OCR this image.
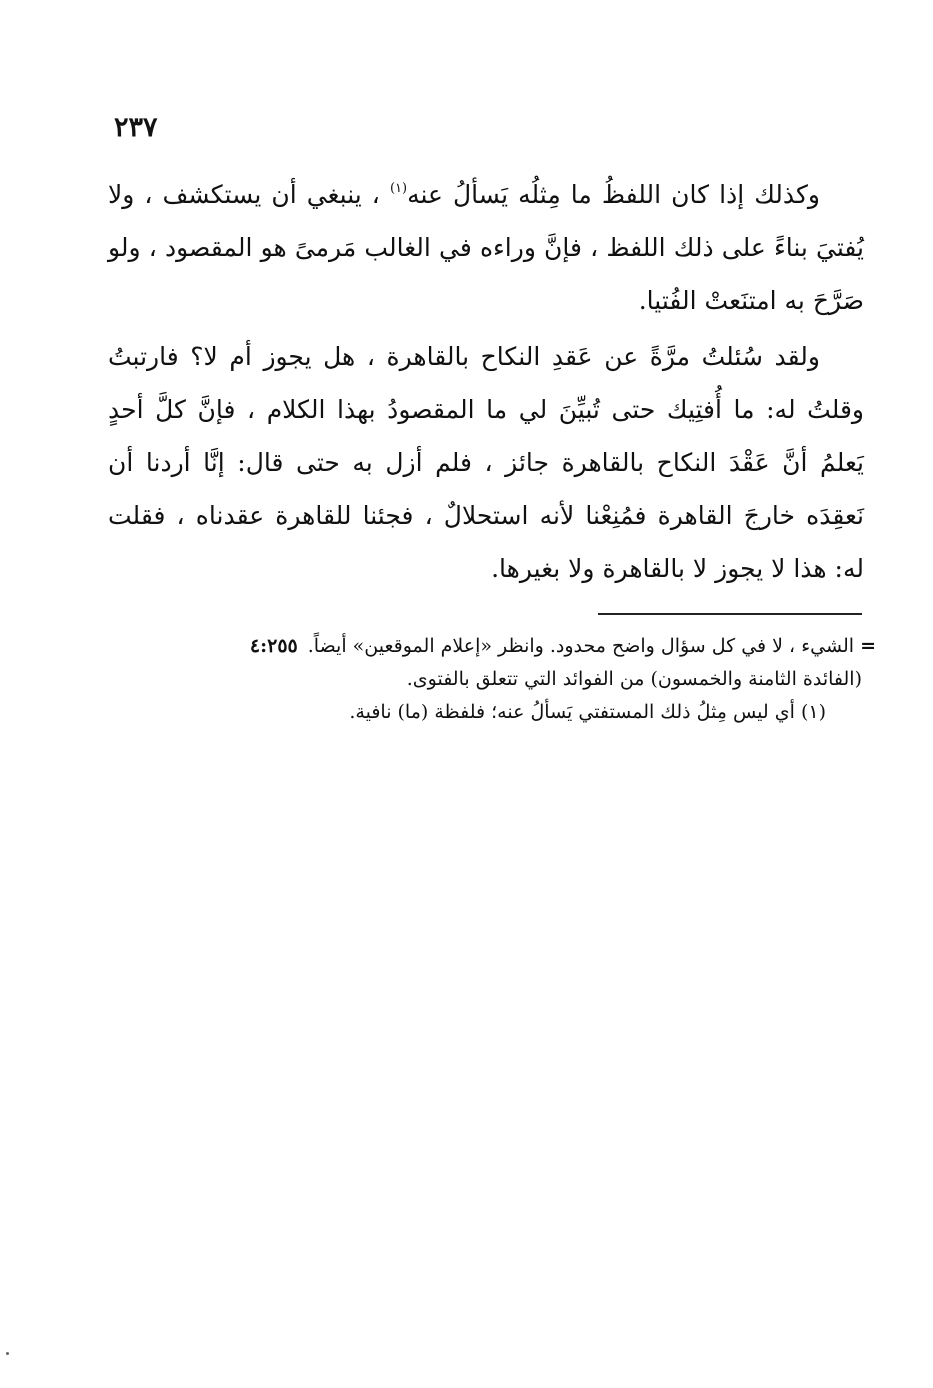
٢٣٧

وكذلك إذا كان اللفظُ ما مِثلُه يَسألُ عنه$^{(١)}$ ، ينبغي أن يستكشف ، ولا يُفتيَ بناءً على ذلك اللفظ ، فإنَّ وراءه في الغالب مَرمىً هو المقصود ، ولو صَرَّحَ به امتنَعتْ الفُتيا.

ولقد سُئلتُ مرَّةً عن عَقدِ النكاح بالقاهرة ، هل يجوز أم لا؟ فارتبتُ وقلتُ له: ما أُفتِيك حتى تُبيِّنَ لي ما المقصودُ بهذا الكلام ، فإنَّ كلَّ أحدٍ يَعلمُ أنَّ عَقْدَ النكاح بالقاهرة جائز ، فلم أزل به حتى قال: إنَّا أردنا أن نَعقِدَه خارجَ القاهرة فمُنِعْنا لأنه استحلالٌ ، فجئنا للقاهرة عقدناه ، فقلت له: هذا لا يجوز لا بالقاهرة ولا بغيرها.

= الشيء ، لا في كل سؤال واضح محدود. وانظر «إعلام الموقعين» أيضاً.٤:٢٥٥
(الفائدة الثامنة والخمسون) من الفوائد التي تتعلق بالفتوى.
(١) أي ليس مِثلُ ذلك المستفتي يَسألُ عنه؛ فلفظة (ما) نافية.
